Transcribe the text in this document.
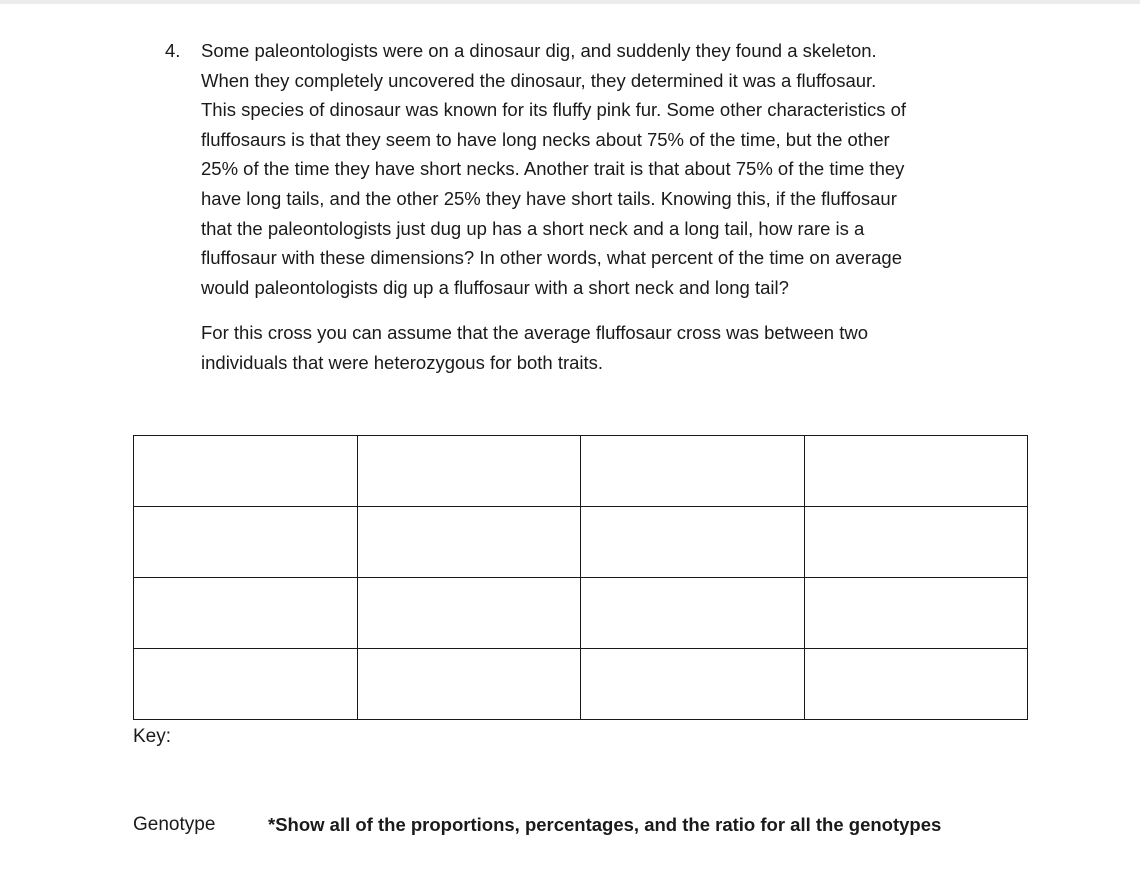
4. Some paleontologists were on a dinosaur dig, and suddenly they found a skeleton.
When they completely uncovered the dinosaur, they determined it was a fluffosaur.
This species of dinosaur was known for its fluffy pink fur. Some other characteristics of
fluffosaurs is that they seem to have long necks about 75% of the time, but the other
25% of the time they have short necks. Another trait is that about 75% of the time they
have long tails, and the other 25% they have short tails. Knowing this, if the fluffosaur
that the paleontologists just dug up has a short neck and a long tail, how rare is a
fluffosaur with these dimensions? In other words, what percent of the time on average
would paleontologists dig up a fluffosaur with a short neck and long tail?
For this cross you can assume that the average fluffosaur cross was between two
individuals that were heterozygous for both traits.

Key:
Genotype	*Show all of the proportions, percentages, and the ratio for all the genotypes
